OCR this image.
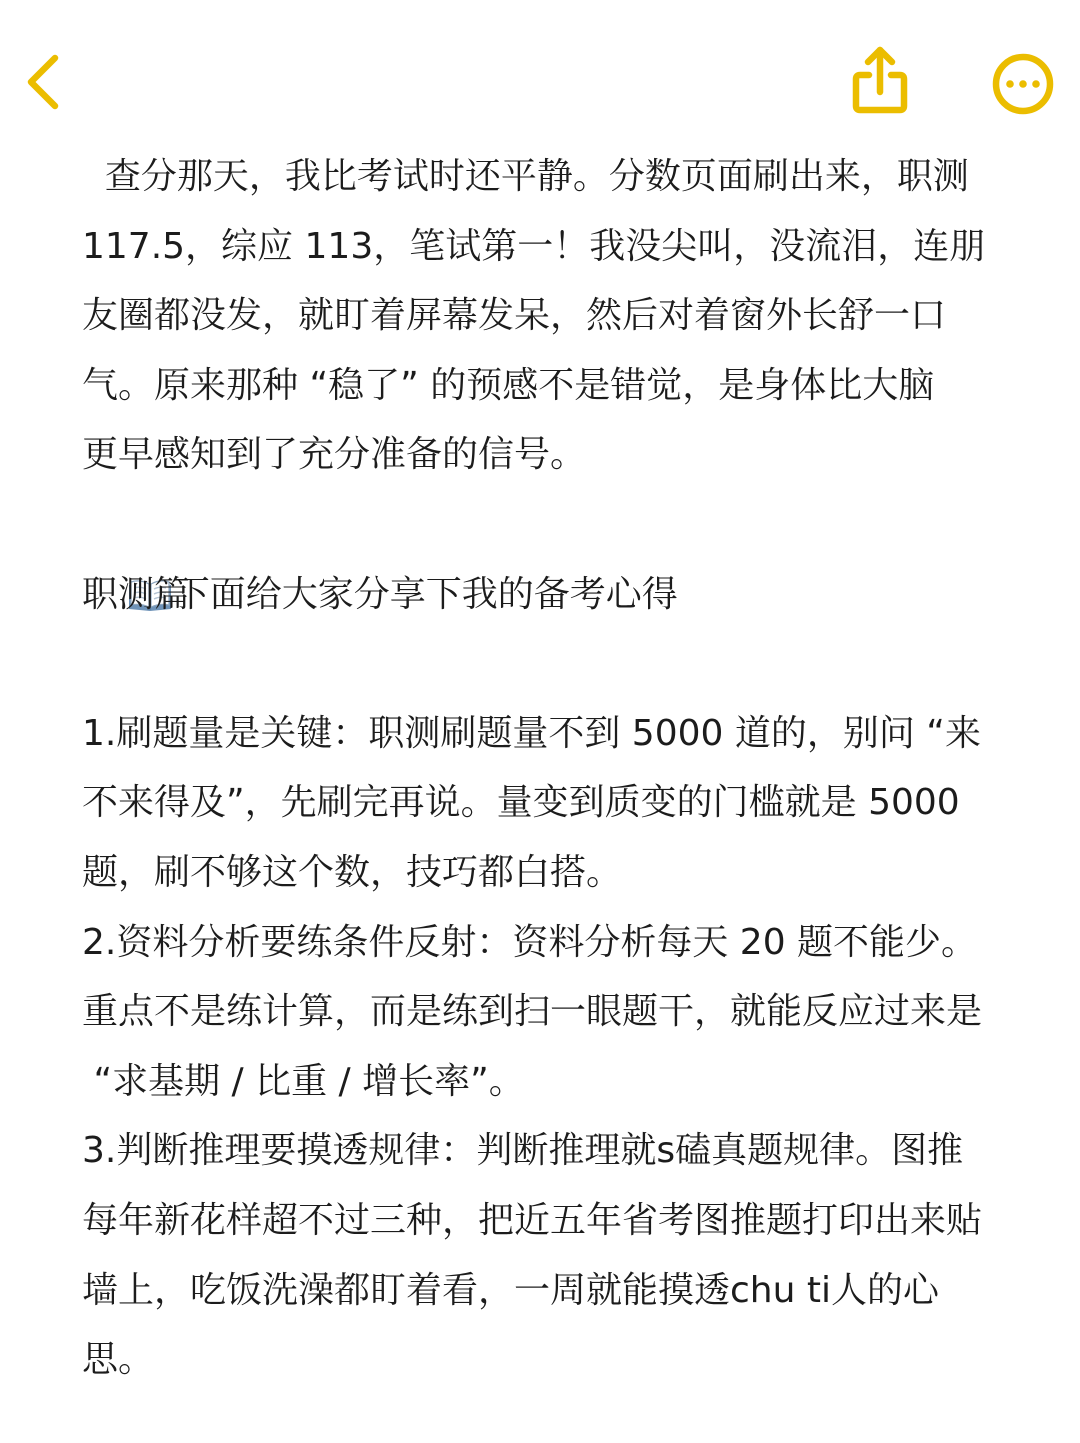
查分那天，我比考试时还平静。分数页面刷出来，职测
117.5，综应 113，笔试第一！我没尖叫，没流泪，连朋
友圈都没发，就盯着屏幕发呆，然后对着窗外长舒一口
气。原来那种 “稳了” 的预感不是错觉，是身体比大脑
更早感知到了充分准备的信号。

下面给大家分享下我的备考心得

职测篇
1.刷题量是关键：职测刷题量不到 5000 道的，别问 “来
不来得及”，先刷完再说。量变到质变的门槛就是 5000
题，刷不够这个数，技巧都白搭。
2.资料分析要练条件反射：资料分析每天 20 题不能少。
重点不是练计算，而是练到扫一眼题干，就能反应过来是
“求基期 / 比重 / 增长率”。
3.判断推理要摸透规律：判断推理就s磕真题规律。图推
每年新花样超不过三种，把近五年省考图推题打印出来贴
墙上，吃饭洗澡都盯着看，一周就能摸透chu ti人的心
思。
